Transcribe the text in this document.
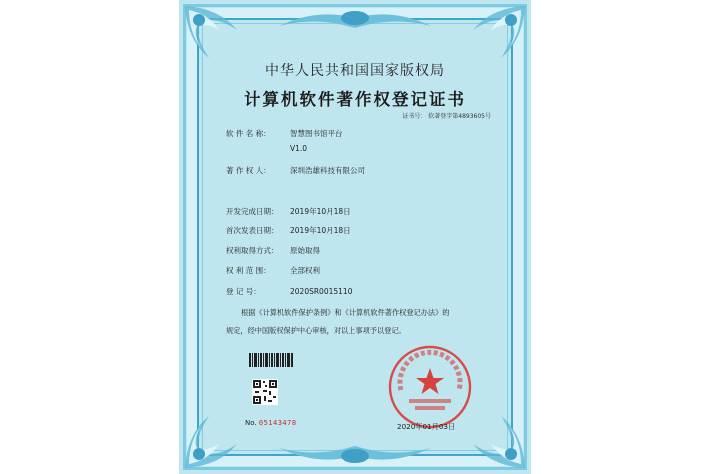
中华人民共和国国家版权局
计算机软件著作权登记证书
证书号： 软著登字第4893605号
软 件 名 称：	智慧图书馆平台
V1.0
著 作 权 人：	深圳浩雄科技有限公司
开发完成日期： 2019年10月18日
首次发表日期： 2019年10月18日
权利取得方式： 原始取得
权 利 范 围：	全部权利
登 记 号：	2020SR0015110
根据《计算机软件保护条例》和《计算机软件著作权登记办法》的
规定，经中国版权保护中心审核，对以上事项予以登记。
No. 05143478	2020年01月03日
